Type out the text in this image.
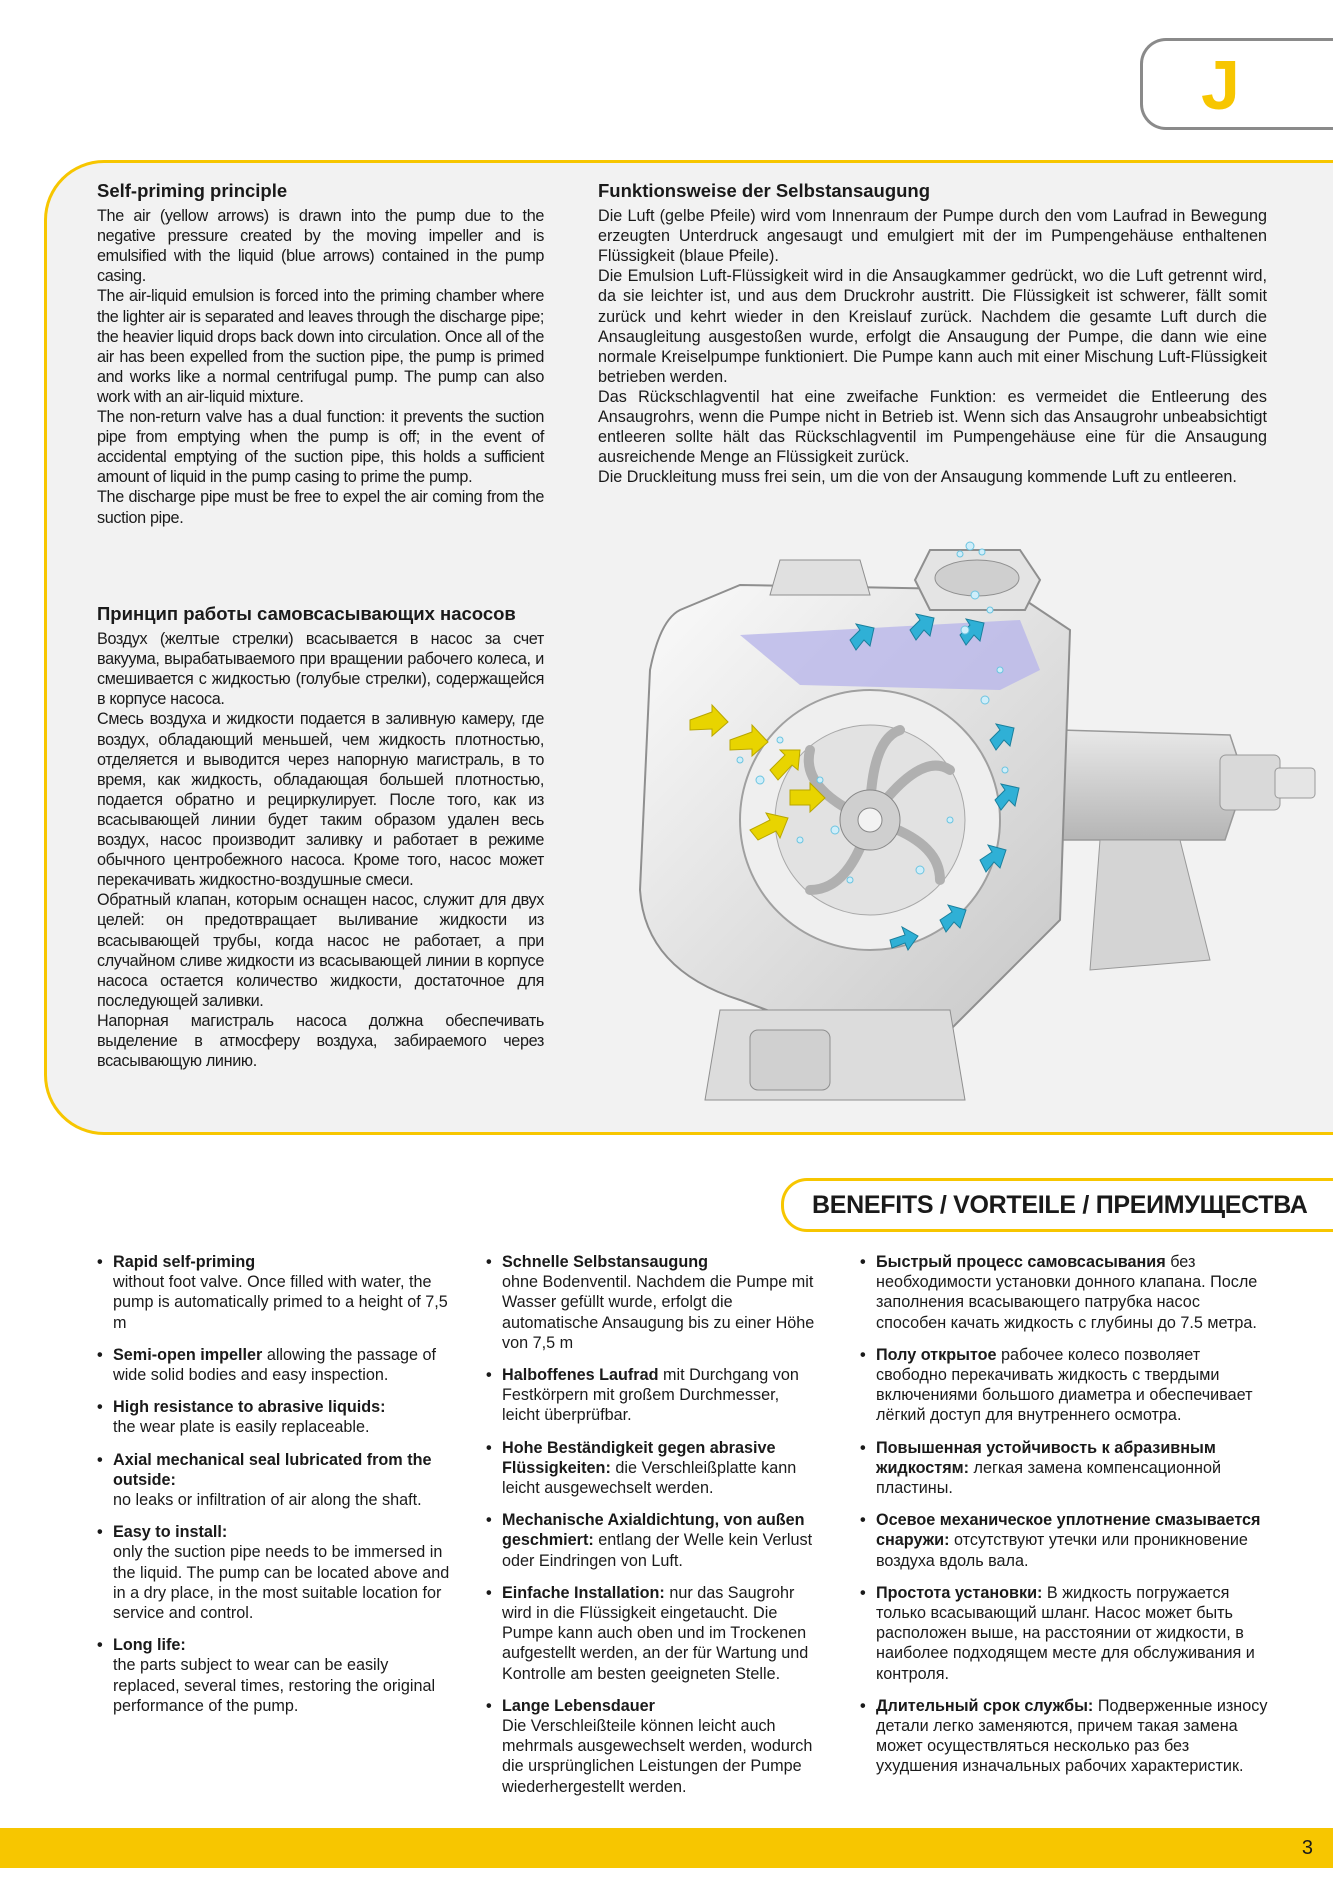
J
Self-priming principle

The air (yellow arrows) is drawn into the pump due to the negative pressure created by the moving impeller and is emulsified with the liquid (blue arrows) contained in the pump casing.

The air-liquid emulsion is forced into the priming chamber where the lighter air is separated and leaves through the discharge pipe; the heavier liquid drops back down into circulation. Once all of the air has been expelled from the suction pipe, the pump is primed and works like a normal centrifugal pump. The pump can also work with an air-liquid mixture.

The non-return valve has a dual function: it prevents the suction pipe from emptying when the pump is off; in the event of accidental emptying of the suction pipe, this holds a sufficient amount of liquid in the pump casing to prime the pump.

The discharge pipe must be free to expel the air coming from the suction pipe.

Funktionsweise der Selbstansaugung

Die Luft (gelbe Pfeile) wird vom Innenraum der Pumpe durch den vom Laufrad in Bewegung erzeugten Unterdruck angesaugt und emulgiert mit der im Pumpengehäuse enthaltenen Flüssigkeit (blaue Pfeile).

Die Emulsion Luft-Flüssigkeit wird in die Ansaugkammer gedrückt, wo die Luft getrennt wird, da sie leichter ist, und aus dem Druckrohr austritt. Die Flüssigkeit ist schwerer, fällt somit zurück und kehrt wieder in den Kreislauf zurück. Nachdem die gesamte Luft durch die Ansaugleitung ausgestoßen wurde, erfolgt die Ansaugung der Pumpe, die dann wie eine normale Kreiselpumpe funktioniert. Die Pumpe kann auch mit einer Mischung Luft-Flüssigkeit betrieben werden.

Das Rückschlagventil hat eine zweifache Funktion: es vermeidet die Entleerung des Ansaugrohrs, wenn die Pumpe nicht in Betrieb ist. Wenn sich das Ansaugrohr unbeabsichtigt entleeren sollte hält das Rückschlagventil im Pumpengehäuse eine für die Ansaugung ausreichende Menge an Flüssigkeit zurück.

Die Druckleitung muss frei sein, um die von der Ansaugung kommende Luft zu entleeren.

Принцип работы самовсасывающих насосов

Воздух (желтые стрелки) всасывается в насос за счет вакуума, вырабатываемого при вращении рабочего колеса, и смешивается с жидкостью (голубые стрелки), содержащейся в корпусе насоса.

Смесь воздуха и жидкости подается в заливную камеру, где воздух, обладающий меньшей, чем жидкость плотностью, отделяется и выводится через напорную магистраль, в то время, как жидкость, обладающая большей плотностью, подается обратно и рециркулирует. После того, как из всасывающей линии будет таким образом удален весь воздух, насос производит заливку и работает в режиме обычного центробежного насоса. Кроме того, насос может перекачивать жидкостно-воздушные смеси.

Обратный клапан, которым оснащен насос, служит для двух целей: он предотвращает выливание жидкости из всасывающей трубы, когда насос не работает, а при случайном сливе жидкости из всасывающей линии в корпусе насоса остается количество жидкости, достаточное для последующей заливки.

Напорная магистраль насоса должна обеспечивать выделение в атмосферу воздуха, забираемого через всасывающую линию.

BENEFITS / VORTEILE / ПРЕИМУЩЕСТВА
• Rapid self-priming
without foot valve. Once filled with water, the pump is automatically primed to a height of 7,5 m
• Semi-open impeller allowing the passage of wide solid bodies and easy inspection.
• High resistance to abrasive liquids:
the wear plate is easily replaceable.
• Axial mechanical seal lubricated from the outside:
no leaks or infiltration of air along the shaft.
• Easy to install:
only the suction pipe needs to be immersed in the liquid. The pump can be located above and in a dry place, in the most suitable location for service and control.
• Long life:
the parts subject to wear can be easily replaced, several times, restoring the original performance of the pump.
• Schnelle Selbstansaugung
ohne Bodenventil. Nachdem die Pumpe mit Wasser gefüllt wurde, erfolgt die automatische Ansaugung bis zu einer Höhe von 7,5 m
• Halboffenes Laufrad mit Durchgang von Festkörpern mit großem Durchmesser, leicht überprüfbar.
• Hohe Beständigkeit gegen abrasive Flüssigkeiten: die Verschleißplatte kann leicht ausgewechselt werden.
• Mechanische Axialdichtung, von außen geschmiert: entlang der Welle kein Verlust oder Eindringen von Luft.
• Einfache Installation: nur das Saugrohr wird in die Flüssigkeit eingetaucht. Die Pumpe kann auch oben und im Trockenen aufgestellt werden, an der für Wartung und Kontrolle am besten geeigneten Stelle.
• Lange Lebensdauer
Die Verschleißteile können leicht auch mehrmals ausgewechselt werden, wodurch die ursprünglichen Leistungen der Pumpe wiederhergestellt werden.
• Быстрый процесс самовсасывания без необходимости установки донного клапана. После заполнения всасывающего патрубка насос способен качать жидкость с глубины до 7.5 метра.
• Полу открытое рабочее колесо позволяет свободно перекачивать жидкость с твердыми включениями большого диаметра и обеспечивает лёгкий доступ для внутреннего осмотра.
• Повышенная устойчивость к абразивным жидкостям: легкая замена компенсационной пластины.
• Осевое механическое уплотнение смазывается снаружи: отсутствуют утечки или проникновение воздуха вдоль вала.
• Простота установки: В жидкость погружается только всасывающий шланг. Насос может быть расположен выше, на расстоянии от жидкости, в наиболее подходящем месте для обслуживания и контроля.
• Длительный срок службы: Подверженные износу детали легко заменяются, причем такая замена может осуществляться несколько раз без ухудшения изначальных рабочих характеристик.
3
